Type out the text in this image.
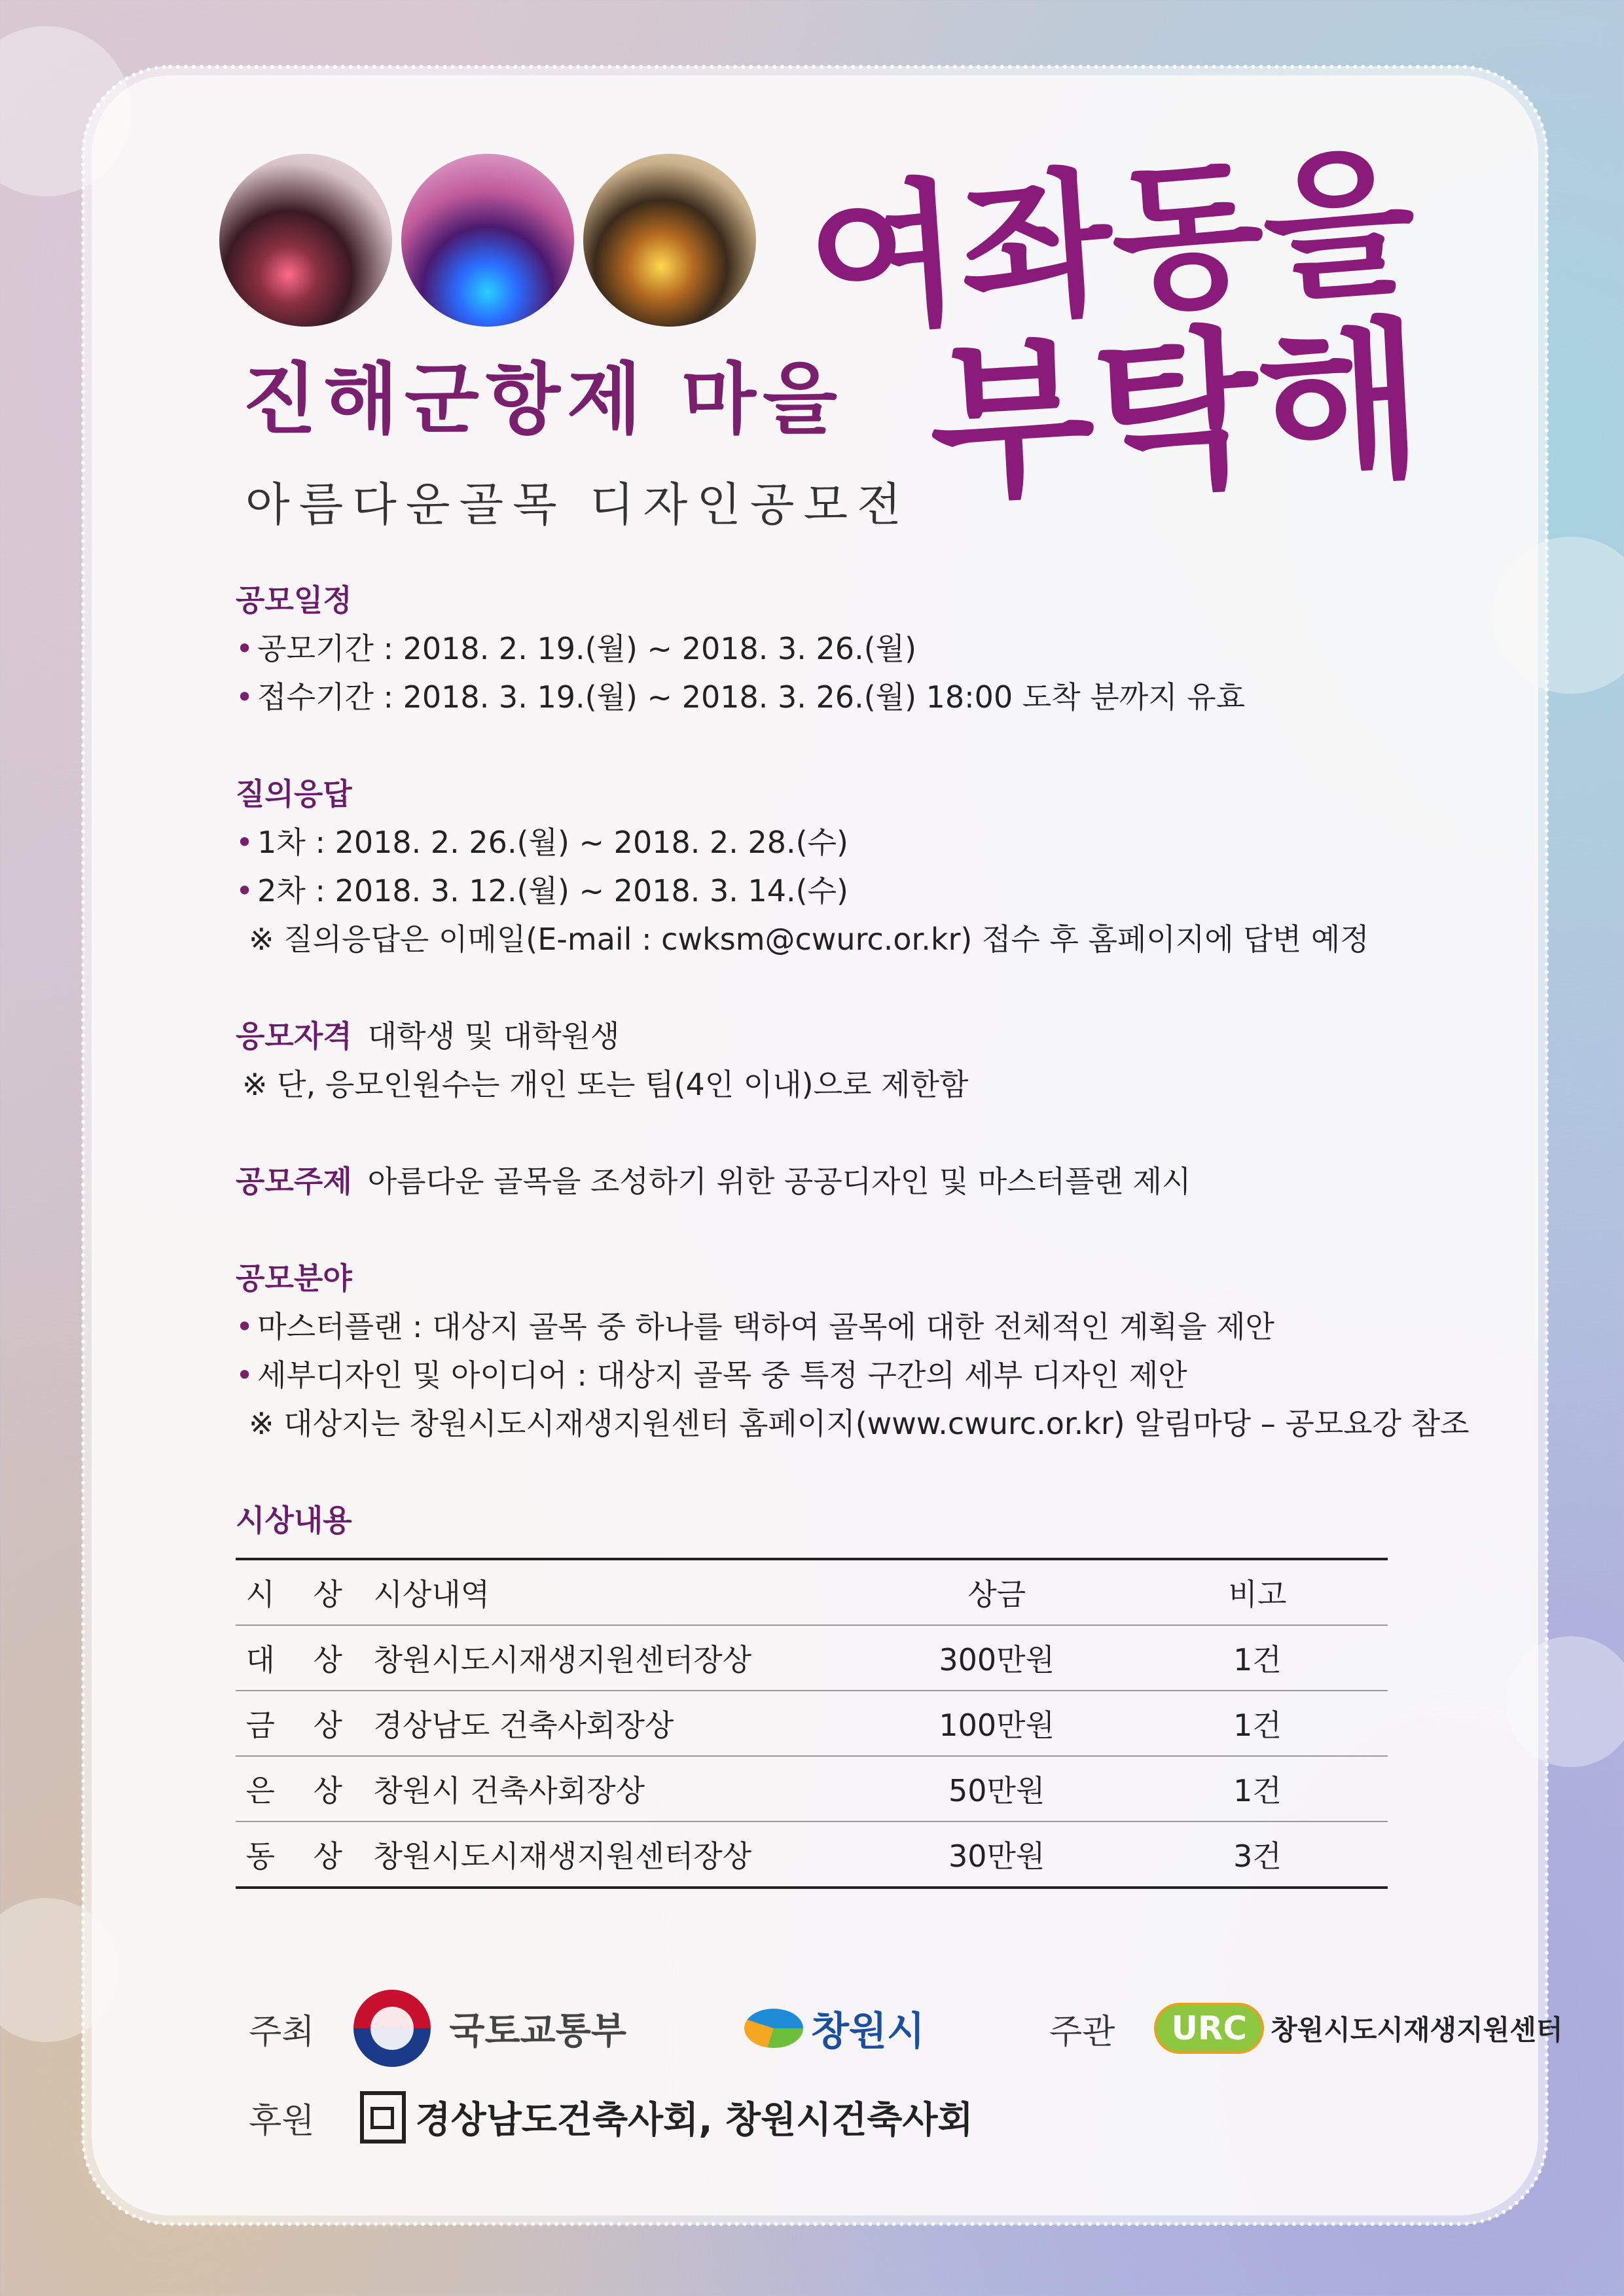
여좌동을
부탁해
진해군항제 마을
아름다운골목 디자인공모전
공모일정
• 공모기간 : 2018. 2. 19.(월) ~ 2018. 3. 26.(월)
• 접수기간 : 2018. 3. 19.(월) ~ 2018. 3. 26.(월) 18:00 도착 분까지 유효
질의응답
• 1차 : 2018. 2. 26.(월) ~ 2018. 2. 28.(수)
• 2차 : 2018. 3. 12.(월) ~ 2018. 3. 14.(수)
※ 질의응답은 이메일(E-mail : cwksm@cwurc.or.kr) 접수 후 홈페이지에 답변 예정
응모자격 대학생 및 대학원생
※ 단, 응모인원수는 개인 또는 팀(4인 이내)으로 제한함
공모주제 아름다운 골목을 조성하기 위한 공공디자인 및 마스터플랜 제시
공모분야
• 마스터플랜 : 대상지 골목 중 하나를 택하여 골목에 대한 전체적인 계획을 제안
• 세부디자인 및 아이디어 : 대상지 골목 중 특정 구간의 세부 디자인 제안
※ 대상지는 창원시도시재생지원센터 홈페이지(www.cwurc.or.kr) 알림마당 – 공모요강 참조
시상내용
시 상	시상내역	상금	비고
대 상	창원시도시재생지원센터장상	300만원	1건
금 상	경상남도 건축사회장상	100만원	1건
은 상	창원시 건축사회장상	50만원	1건
동 상	창원시도시재생지원센터장상	30만원	3건
주최	국토교통부	창원시	주관	URC 창원시도시재생지원센터
후원	경상남도건축사회, 창원시건축사회
